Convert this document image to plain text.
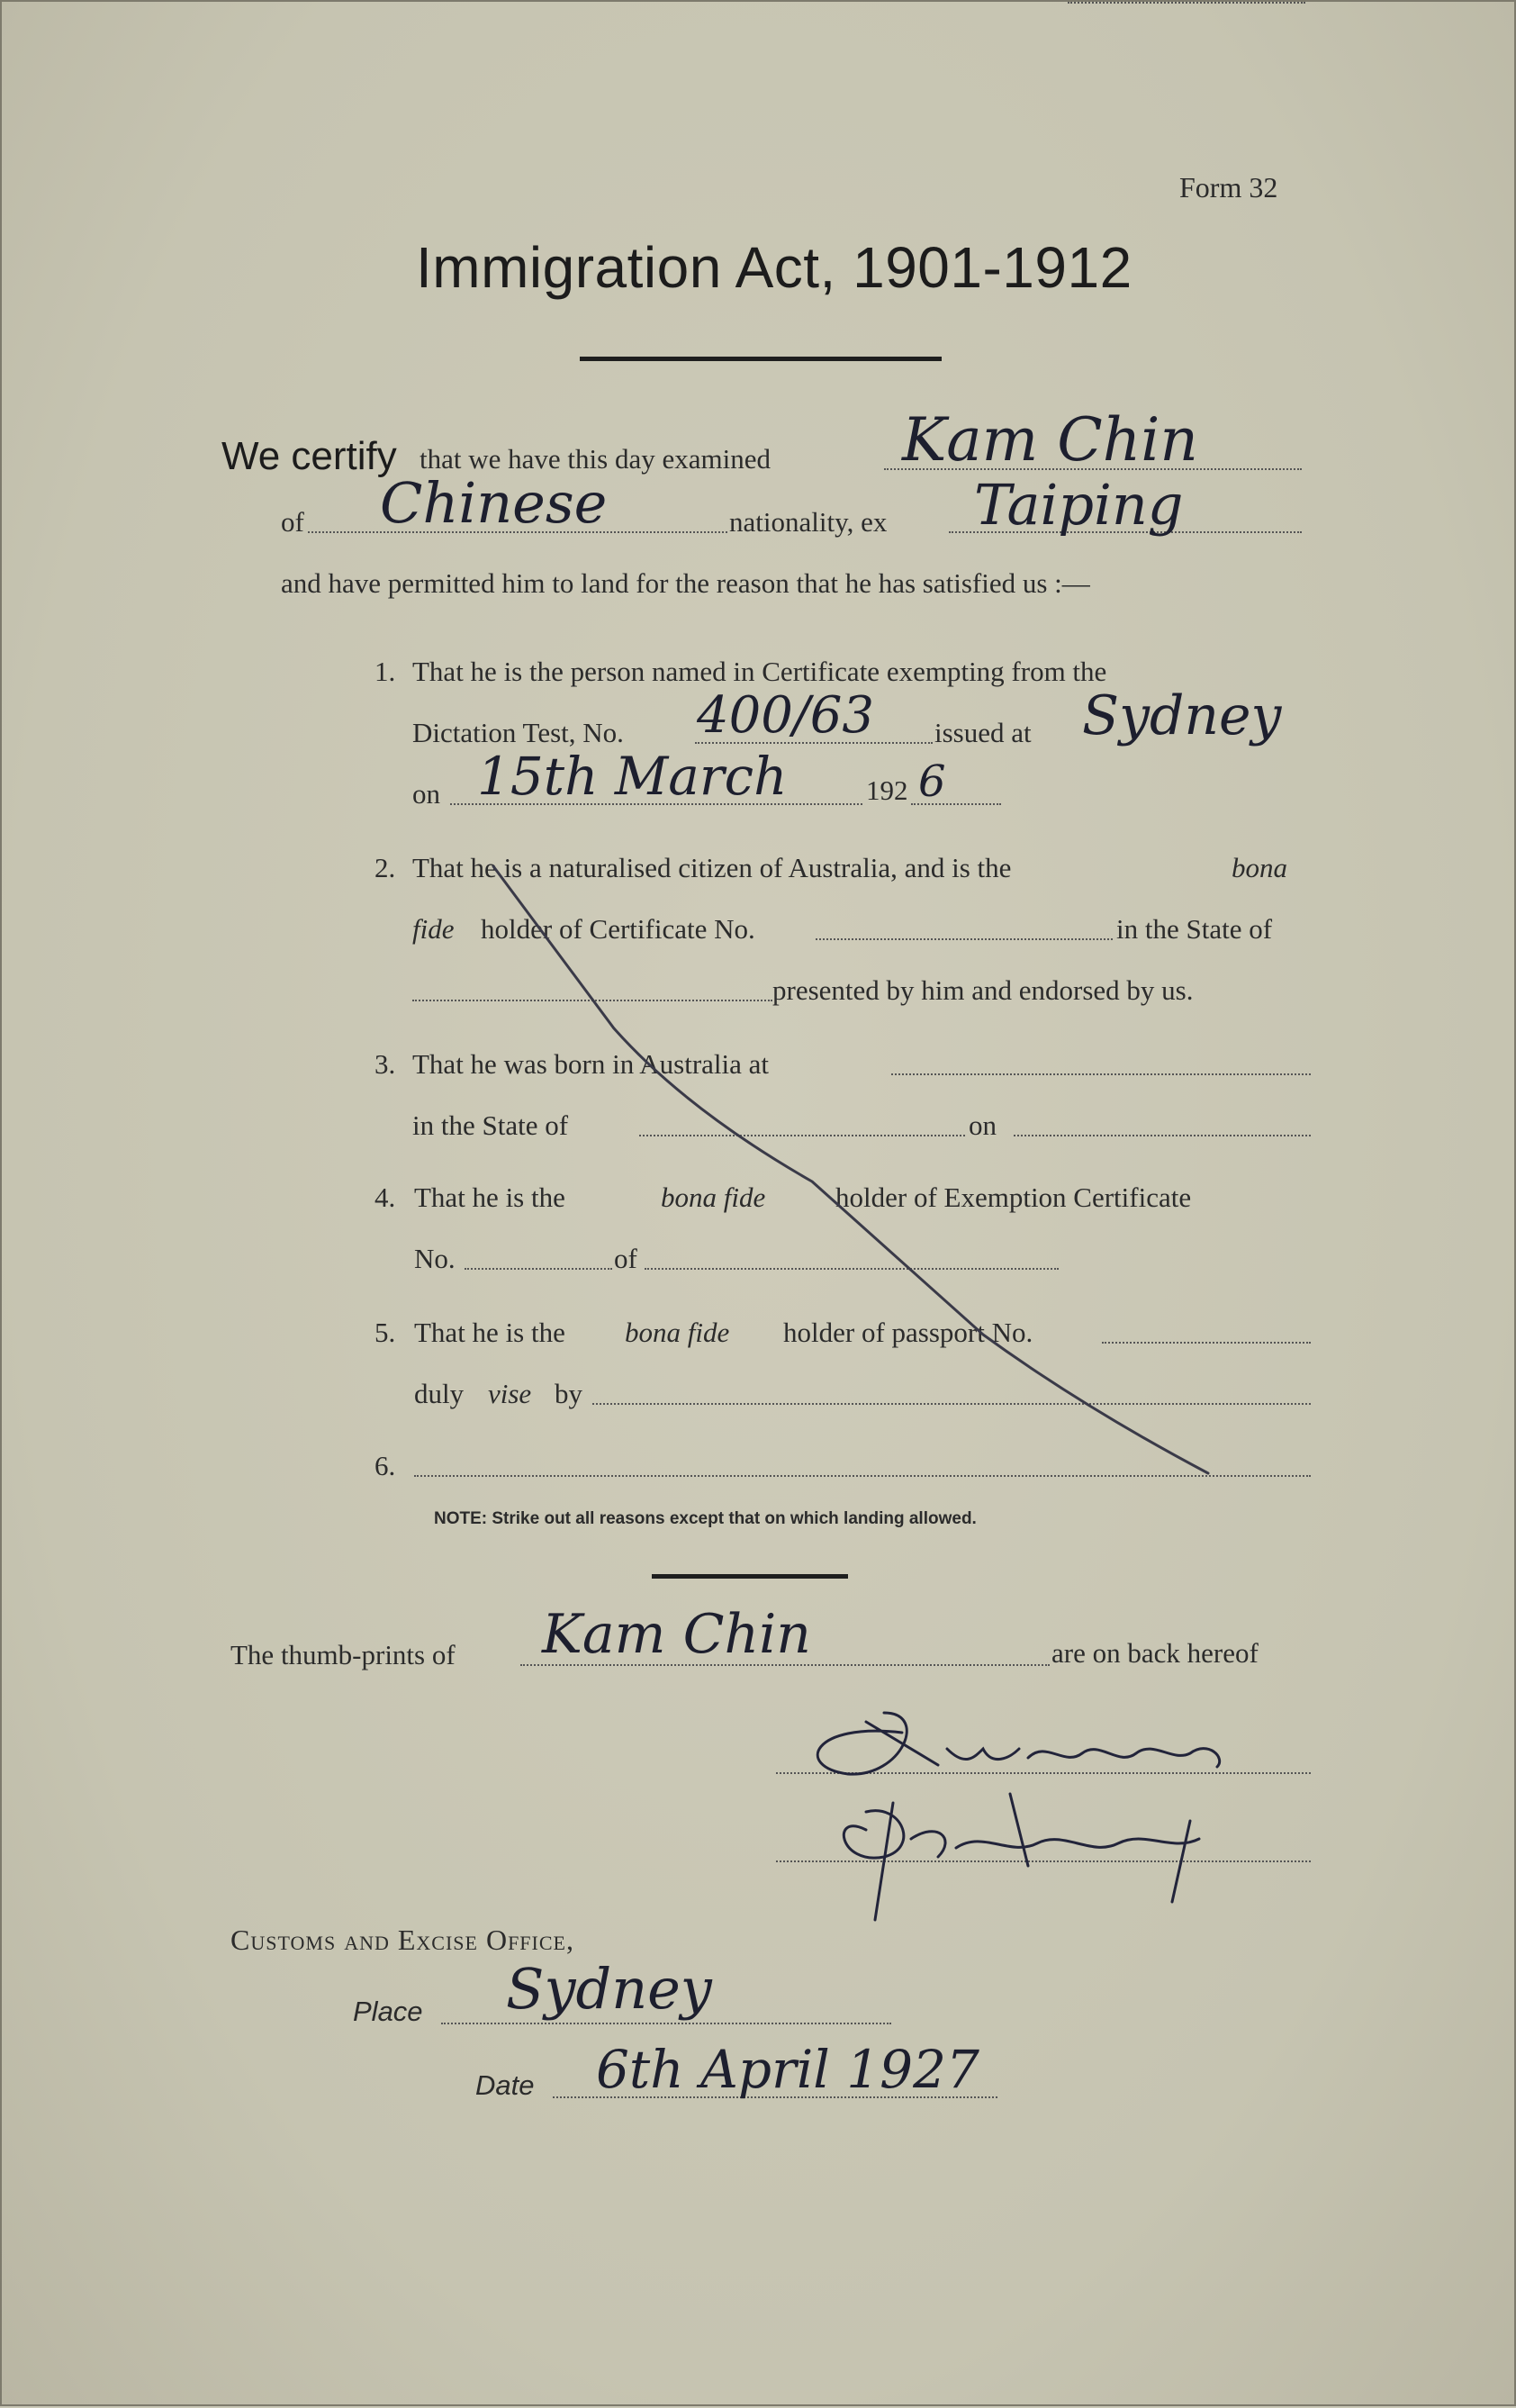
Form 32
Immigration Act, 1901-1912
We certify that we have this day examined Kam Chin
of Chinese	nationality, ex Taiping
and have permitted him to land for the reason that he has satisfied us :—
1. That he is the person named in Certificate exempting from the
Dictation Test, No. 400/63 issued at Sydney
on 15th March	192 6
2. That he is a naturalised citizen of Australia, and is the	bona
fide holder of Certificate No.	in the State of
presented by him and endorsed by us.
3. That he was born in Australia at
in the State of	on
4. That he is the	bona fide	holder of Exemption Certificate
No.	of
5. That he is the bona fide holder of passport No.
duly vise by
6.
NOTE: Strike out all reasons except that on which landing allowed.
The thumb-prints of Kam Chin	are on back hereof
Customs and Excise Office,
Place Sydney
Date 6th April 1927
